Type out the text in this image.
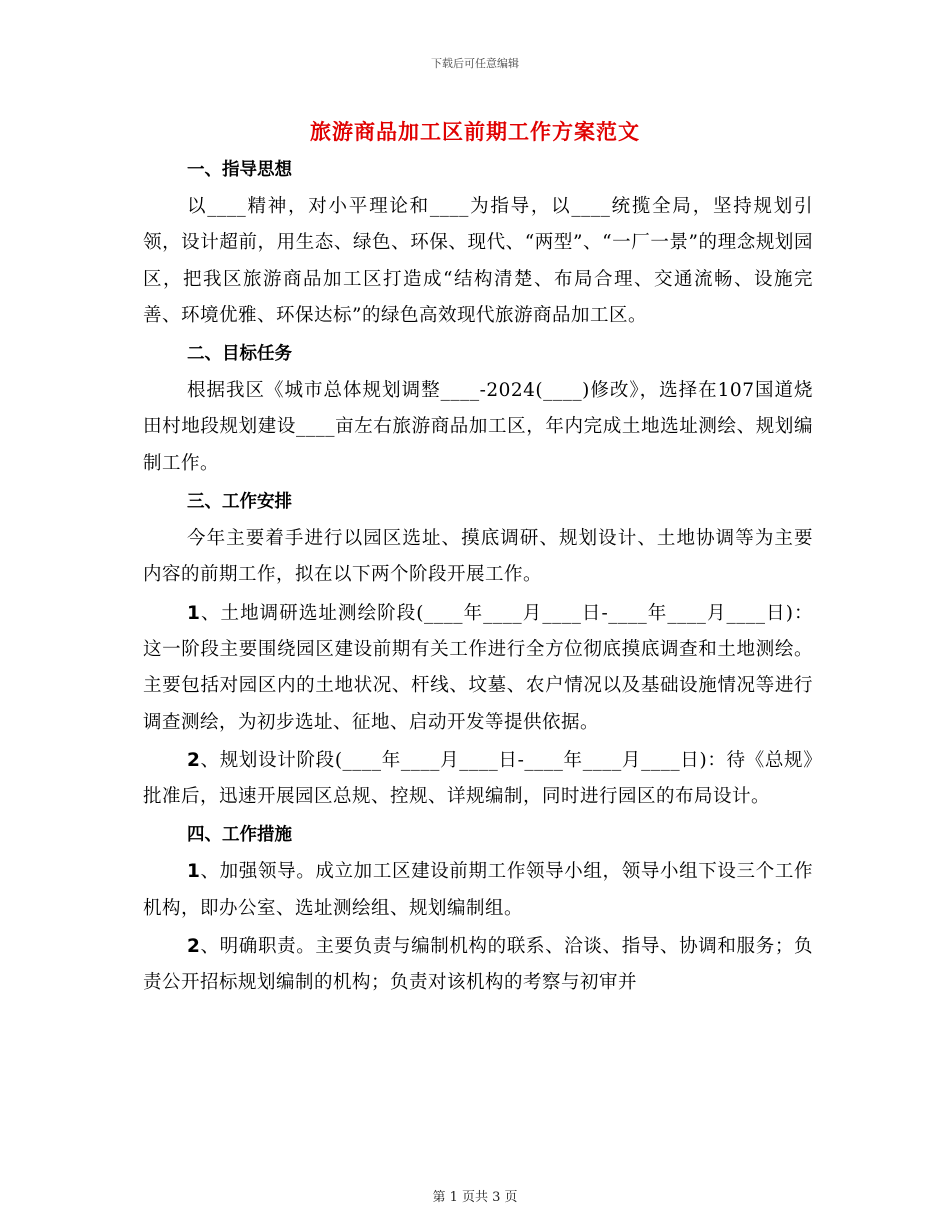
下载后可任意编辑
旅游商品加工区前期工作方案范文
一、指导思想
以____精神，对小平理论和____为指导，以____统揽全局，坚持规划引领，设计超前，用生态、绿色、环保、现代、“两型”、“一厂一景”的理念规划园区，把我区旅游商品加工区打造成“结构清楚、布局合理、交通流畅、设施完善、环境优雅、环保达标”的绿色高效现代旅游商品加工区。
二、目标任务
根据我区《城市总体规划调整____-2024(____)修改》，选择在107国道烧田村地段规划建设____亩左右旅游商品加工区，年内完成土地选址测绘、规划编制工作。
三、工作安排
今年主要着手进行以园区选址、摸底调研、规划设计、土地协调等为主要内容的前期工作，拟在以下两个阶段开展工作。
1、土地调研选址测绘阶段(____年____月____日-____年____月____日)：这一阶段主要围绕园区建设前期有关工作进行全方位彻底摸底调查和土地测绘。主要包括对园区内的土地状况、杆线、坟墓、农户情况以及基础设施情况等进行调查测绘，为初步选址、征地、启动开发等提供依据。
2、规划设计阶段(____年____月____日-____年____月____日)：待《总规》批准后，迅速开展园区总规、控规、详规编制，同时进行园区的布局设计。
四、工作措施
1、加强领导。成立加工区建设前期工作领导小组，领导小组下设三个工作机构，即办公室、选址测绘组、规划编制组。
2、明确职责。主要负责与编制机构的联系、洽谈、指导、协调和服务；负责公开招标规划编制的机构；负责对该机构的考察与初审并
第 1 页共 3 页
